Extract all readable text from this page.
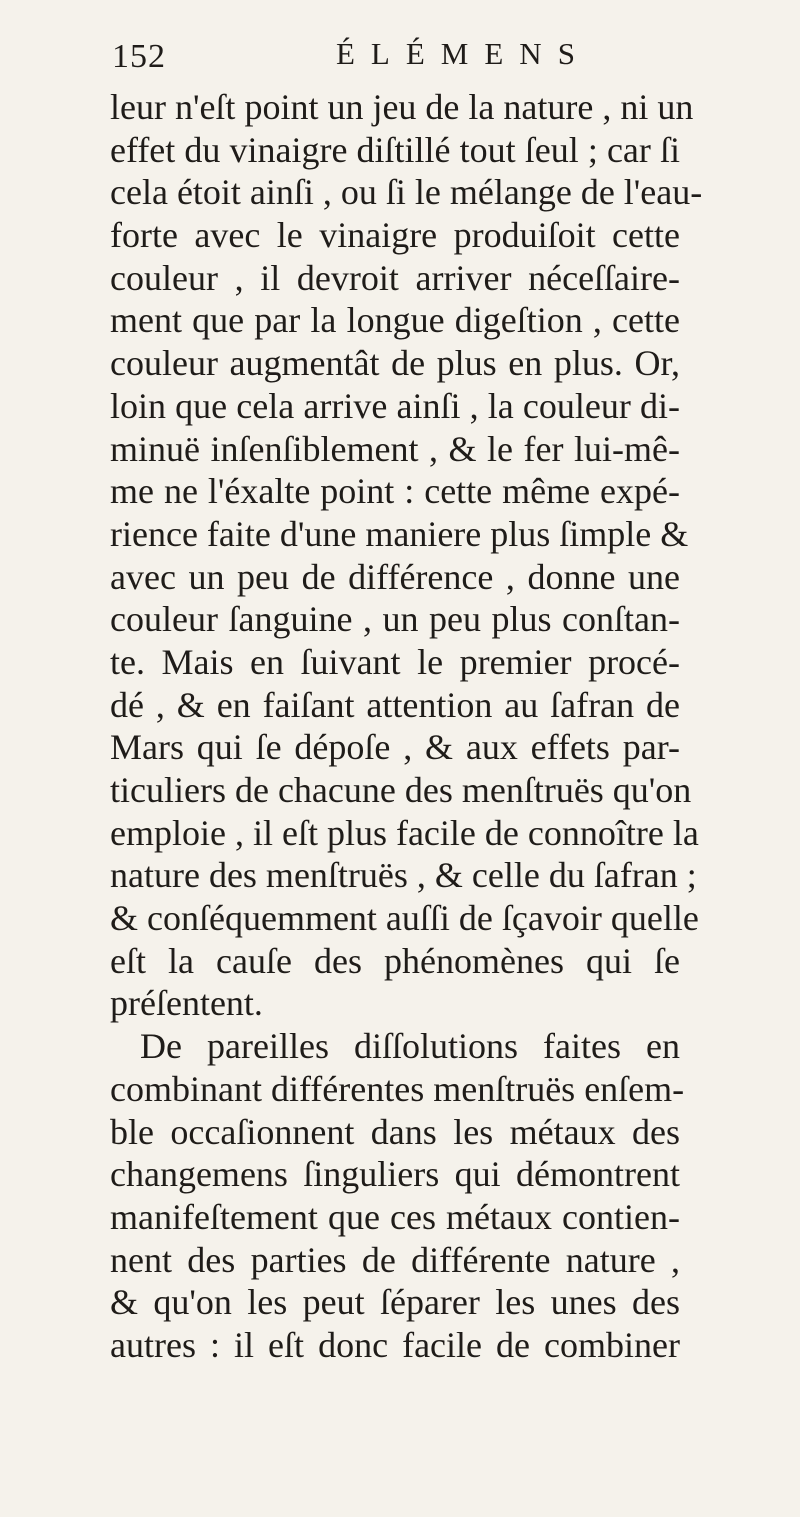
152	ÉLÉMENS
leur n'eſt point un jeu de la nature , ni un
effet du vinaigre diſtillé tout ſeul ; car ſi
cela étoit ainſi , ou ſi le mélange de l'eau-
forte avec le vinaigre produiſoit cette
couleur , il devroit arriver néceſſaire-
ment que par la longue digeſtion , cette
couleur augmentât de plus en plus. Or,
loin que cela arrive ainſi , la couleur di-
minuë inſenſiblement , & le fer lui-mê-
me ne l'éxalte point : cette même expé-
rience faite d'une maniere plus ſimple &
avec un peu de différence , donne une
couleur ſanguine , un peu plus conſtan-
te. Mais en ſuivant le premier procé-
dé , & en faiſant attention au ſafran de
Mars qui ſe dépoſe , & aux effets par-
ticuliers de chacune des menſtruës qu'on
emploie , il eſt plus facile de connoître la
nature des menſtruës , & celle du ſafran ;
& conſéquemment auſſi de ſçavoir quelle
eſt la cauſe des phénomènes qui ſe
préſentent.
De pareilles diſſolutions faites en
combinant différentes menſtruës enſem-
ble occaſionnent dans les métaux des
changemens ſinguliers qui démontrent
manifeſtement que ces métaux contien-
nent des parties de différente nature ,
& qu'on les peut ſéparer les unes des
autres : il eſt donc facile de combiner
